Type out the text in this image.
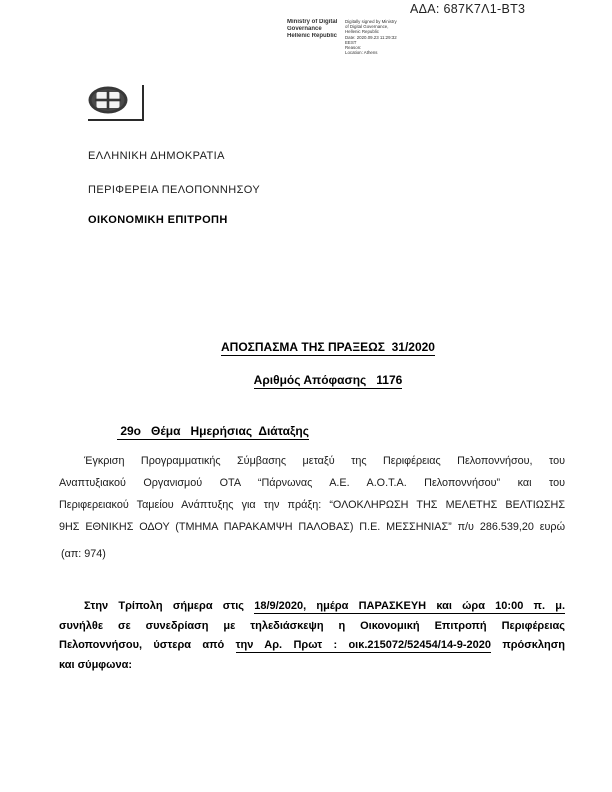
ΑΔΑ: 687Κ7Λ1-ΒΤ3
Ministry of Digital
Governance
Hellenic Republic
Digitally signed by Ministry
of Digital Governance,
Hellenic Republic
Date: 2020.09.23 11:29:32
EEST
Reason:
Location: Athens
ΕΛΛΗΝΙΚΗ ΔΗΜΟΚΡΑΤΙΑ
ΠΕΡΙΦΕΡΕΙΑ ΠΕΛΟΠΟΝΝΗΣΟΥ
ΟΙΚΟΝΟΜΙΚΗ ΕΠΙΤΡΟΠΗ
ΑΠΟΣΠΑΣΜΑ ΤΗΣ ΠΡΑΞΕΩΣ  31/2020
Αριθμός Απόφασης   1176
29ο   Θέμα   Ημερήσιας  Διάταξης
Έγκριση Προγραμματικής Σύμβασης μεταξύ της Περιφέρειας Πελοποννήσου, του
Αναπτυξιακού Οργανισμού ΟΤΑ “Πάρνωνας Α.Ε. Α.Ο.Τ.Α. Πελοποννήσου” και του
Περιφερειακού Ταμείου Ανάπτυξης για την πράξη: “ΟΛΟΚΛΗΡΩΣΗ ΤΗΣ ΜΕΛΕΤΗΣ ΒΕΛΤΙΩΣΗΣ
9ΗΣ ΕΘΝΙΚΗΣ ΟΔΟΥ (ΤΜΗΜΑ ΠΑΡΑΚΑΜΨΗ ΠΑΛΟΒΑΣ) Π.Ε. ΜΕΣΣΗΝΙΑΣ” π/υ 286.539,20 ευρώ
(απ: 974)
Στην Τρίπολη σήμερα στις 18/9/2020, ημέρα ΠΑΡΑΣΚΕΥΗ και ώρα 10:00 π. μ.
συνήλθε σε συνεδρίαση με τηλεδιάσκεψη η Οικονομική Επιτροπή Περιφέρειας
Πελοποννήσου, ύστερα από την Αρ. Πρωτ : οικ.215072/52454/14-9-2020 πρόσκληση
και σύμφωνα:
